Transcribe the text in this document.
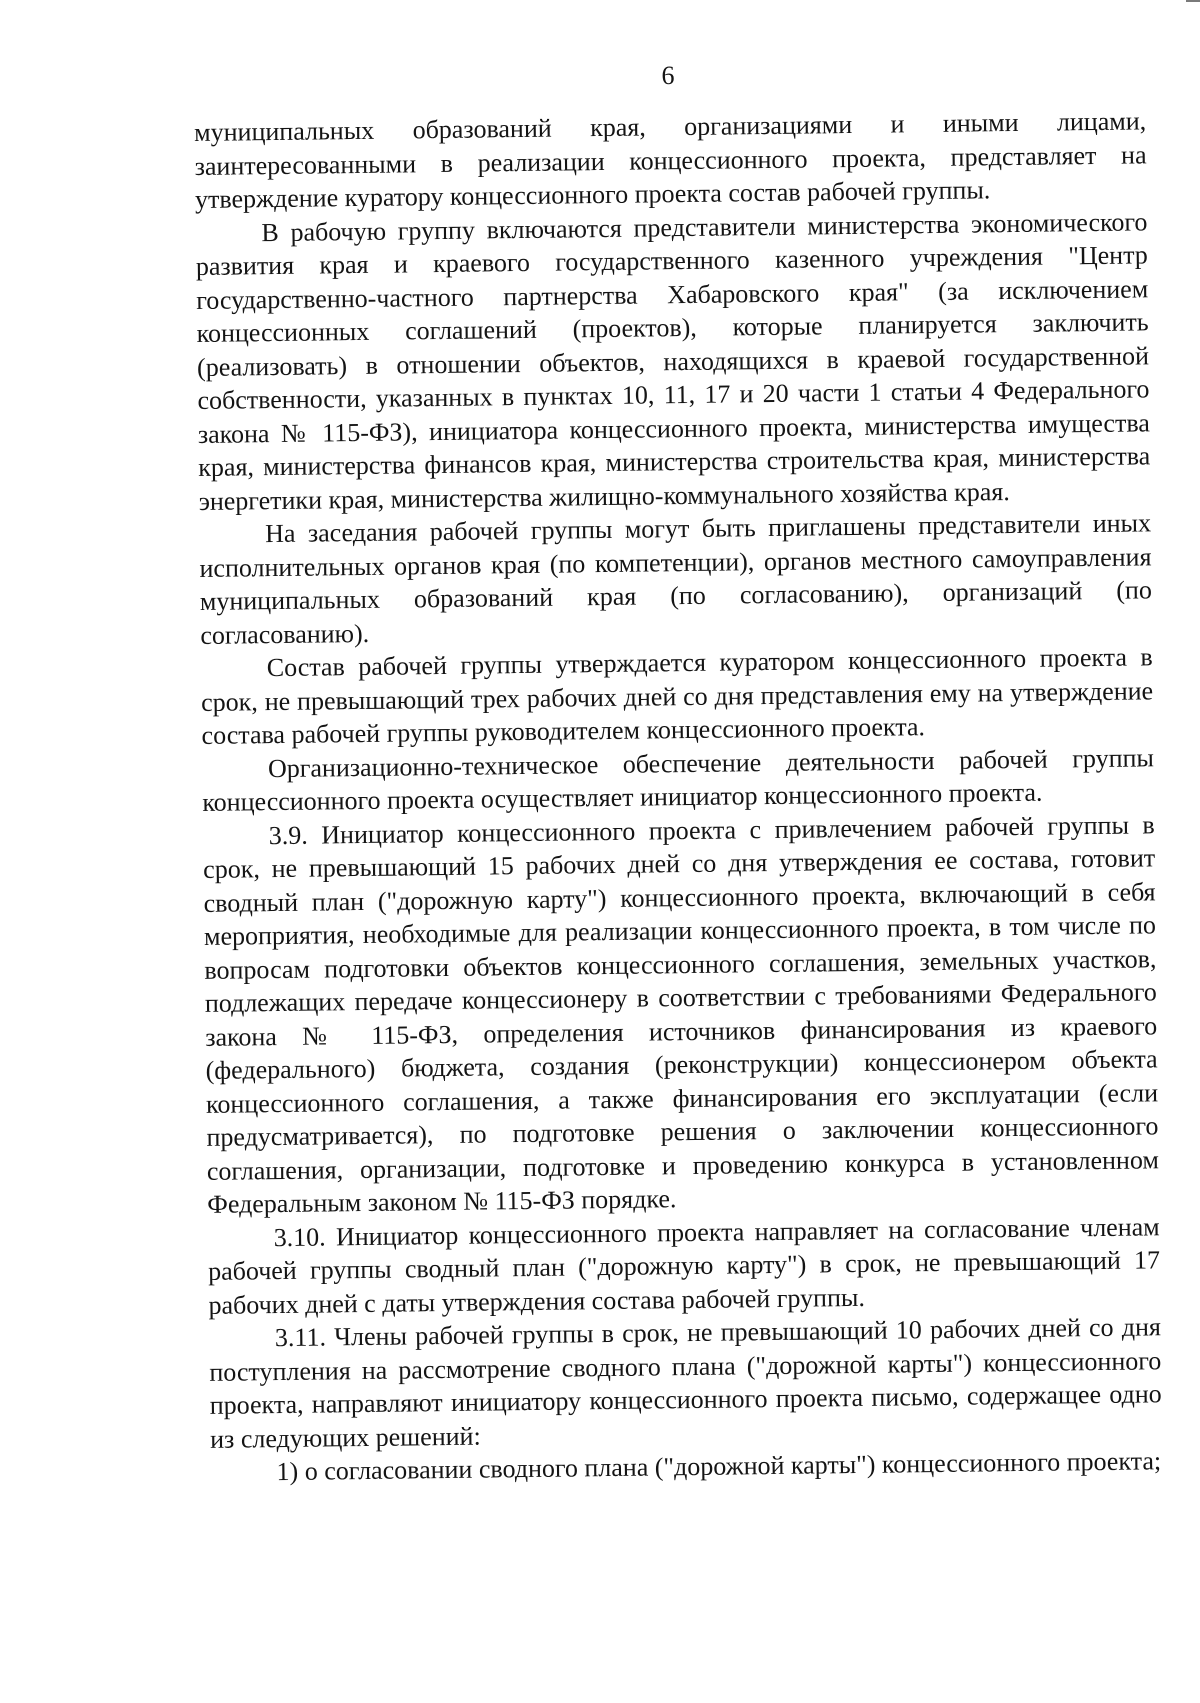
6

муниципальных образований края, организациями и иными лицами, заинтересованными в реализации концессионного проекта, представляет на утверждение куратору концессионного проекта состав рабочей группы.

В рабочую группу включаются представители министерства экономического развития края и краевого государственного казенного учреждения "Центр государственно-частного партнерства Хабаровского края" (за исключением концессионных соглашений (проектов), которые планируется заключить (реализовать) в отношении объектов, находящихся в краевой государственной собственности, указанных в пунктах 10, 11, 17 и 20 части 1 статьи 4 Федерального закона № 115-ФЗ), инициатора концессионного проекта, министерства имущества края, министерства финансов края, министерства строительства края, министерства энергетики края, министерства жилищно-коммунального хозяйства края.

На заседания рабочей группы могут быть приглашены представители иных исполнительных органов края (по компетенции), органов местного самоуправления муниципальных образований края (по согласованию), организаций (по согласованию).

Состав рабочей группы утверждается куратором концессионного проекта в срок, не превышающий трех рабочих дней со дня представления ему на утверждение состава рабочей группы руководителем концессионного проекта.

Организационно-техническое обеспечение деятельности рабочей группы концессионного проекта осуществляет инициатор концессионного проекта.

3.9. Инициатор концессионного проекта с привлечением рабочей группы в срок, не превышающий 15 рабочих дней со дня утверждения ее состава, готовит сводный план ("дорожную карту") концессионного проекта, включающий в себя мероприятия, необходимые для реализации концессионного проекта, в том числе по вопросам подготовки объектов концессионного соглашения, земельных участков, подлежащих передаче концессионеру в соответствии с требованиями Федерального закона № 115-ФЗ, определения источников финансирования из краевого (федерального) бюджета, создания (реконструкции) концессионером объекта концессионного соглашения, а также финансирования его эксплуатации (если предусматривается), по подготовке решения о заключении концессионного соглашения, организации, подготовке и проведению конкурса в установленном Федеральным законом № 115-ФЗ порядке.

3.10. Инициатор концессионного проекта направляет на согласование членам рабочей группы сводный план ("дорожную карту") в срок, не превышающий 17 рабочих дней с даты утверждения состава рабочей группы.

3.11. Члены рабочей группы в срок, не превышающий 10 рабочих дней со дня поступления на рассмотрение сводного плана ("дорожной карты") концессионного проекта, направляют инициатору концессионного проекта письмо, содержащее одно из следующих решений:

1) о согласовании сводного плана ("дорожной карты") концессионного проекта;
